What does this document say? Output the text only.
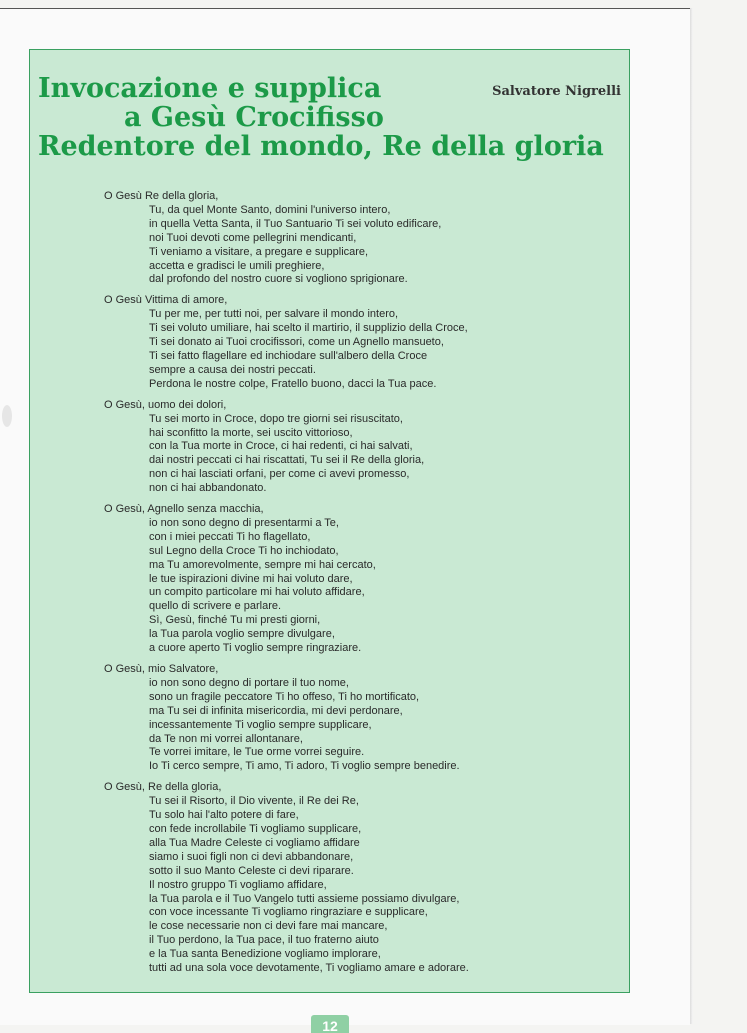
Invocazione e supplica
a Gesù Crocifisso
Redentore del mondo, Re della gloria
Salvatore Nigrelli
O Gesù Re della gloria,
Tu, da quel Monte Santo, domini l'universo intero,
in quella Vetta Santa, il Tuo Santuario Ti sei voluto edificare,
noi Tuoi devoti come pellegrini mendicanti,
Ti veniamo a visitare, a pregare e supplicare,
accetta e gradisci le umili preghiere,
dal profondo del nostro cuore si vogliono sprigionare.
O Gesù Vittima di amore,
Tu per me, per tutti noi, per salvare il mondo intero,
Ti sei voluto umiliare, hai scelto il martirio, il supplizio della Croce,
Ti sei donato ai Tuoi crocifissori, come un Agnello mansueto,
Ti sei fatto flagellare ed inchiodare sull'albero della Croce
sempre a causa dei nostri peccati.
Perdona le nostre colpe, Fratello buono, dacci la Tua pace.
O Gesù, uomo dei dolori,
Tu sei morto in Croce, dopo tre giorni sei risuscitato,
hai sconfitto la morte, sei uscito vittorioso,
con la Tua morte in Croce, ci hai redenti, ci hai salvati,
dai nostri peccati ci hai riscattati, Tu sei il Re della gloria,
non ci hai lasciati orfani, per come ci avevi promesso,
non ci hai abbandonato.
O Gesù, Agnello senza macchia,
io non sono degno di presentarmi a Te,
con i miei peccati Ti ho flagellato,
sul Legno della Croce Ti ho inchiodato,
ma Tu amorevolmente, sempre mi hai cercato,
le tue ispirazioni divine mi hai voluto dare,
un compito particolare mi hai voluto affidare,
quello di scrivere e parlare.
Sì, Gesù, finché Tu mi presti giorni,
la Tua parola voglio sempre divulgare,
a cuore aperto Ti voglio sempre ringraziare.
O Gesù, mio Salvatore,
io non sono degno di portare il tuo nome,
sono un fragile peccatore Ti ho offeso, Ti ho mortificato,
ma Tu sei di infinita misericordia, mi devi perdonare,
incessantemente Ti voglio sempre supplicare,
da Te non mi vorrei allontanare,
Te vorrei imitare, le Tue orme vorrei seguire.
Io Ti cerco sempre, Ti amo, Ti adoro, Ti voglio sempre benedire.
O Gesù, Re della gloria,
Tu sei il Risorto, il Dio vivente, il Re dei Re,
Tu solo hai l'alto potere di fare,
con fede incrollabile Ti vogliamo supplicare,
alla Tua Madre Celeste ci vogliamo affidare
siamo i suoi figli non ci devi abbandonare,
sotto il suo Manto Celeste ci devi riparare.
Il nostro gruppo Ti vogliamo affidare,
la Tua parola e il Tuo Vangelo tutti assieme possiamo divulgare,
con voce incessante Ti vogliamo ringraziare e supplicare,
le cose necessarie non ci devi fare mai mancare,
il Tuo perdono, la Tua pace, il tuo fraterno aiuto
e la Tua santa Benedizione vogliamo implorare,
tutti ad una sola voce devotamente, Ti vogliamo amare e adorare.
12
